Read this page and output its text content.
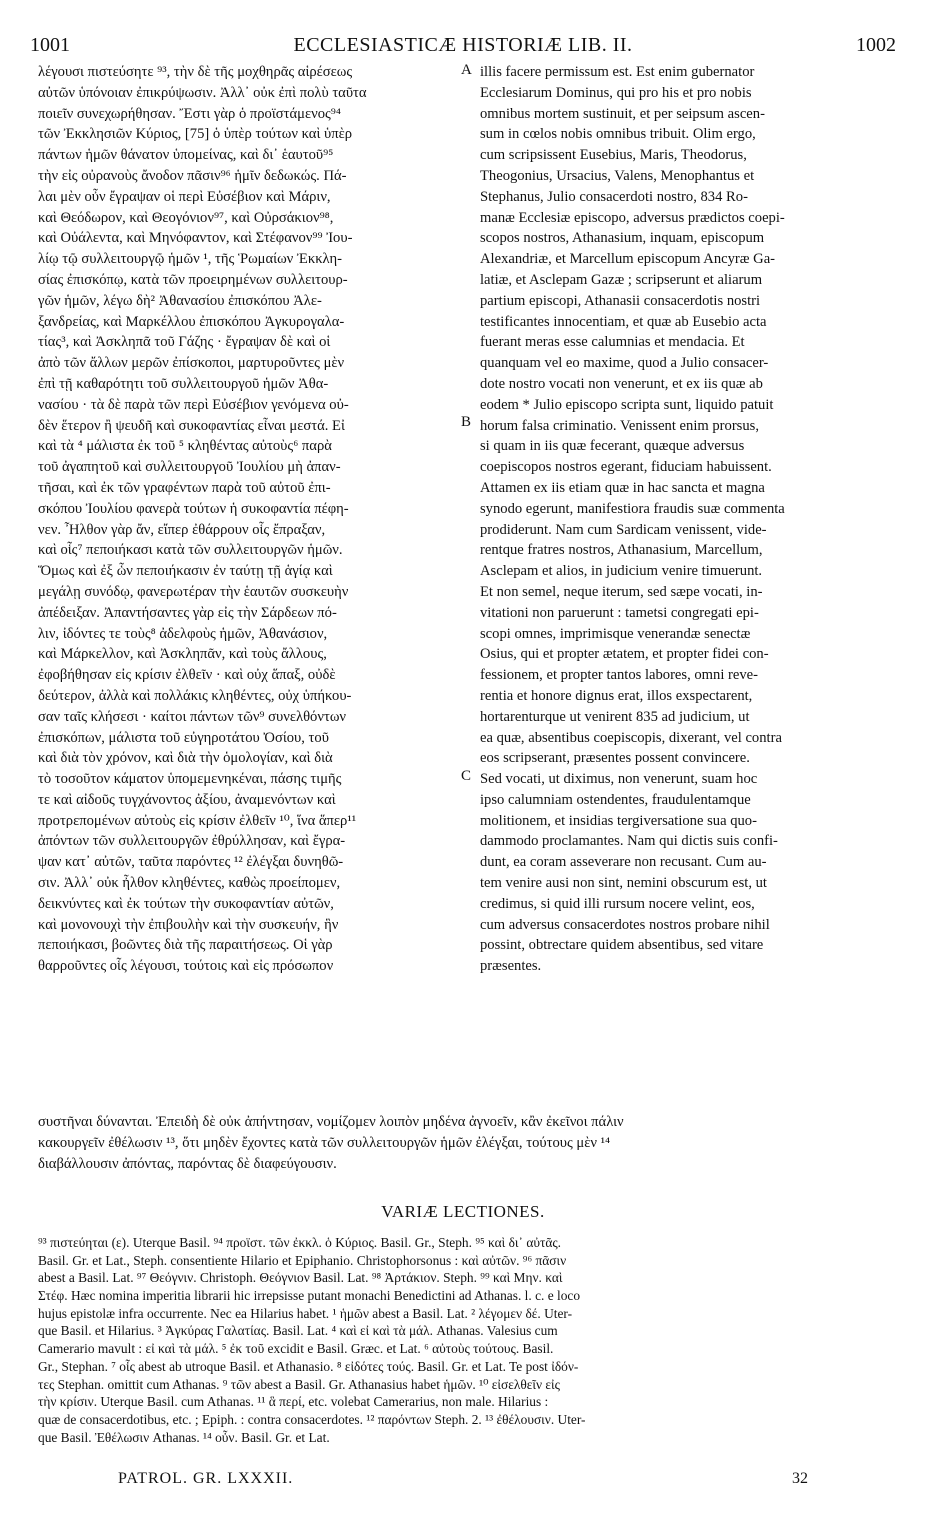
1001	ECCLESIASTICÆ HISTORIÆ LIB. II.	1002
λέγουσι πιστεύσητε ⁹³, τὴν δὲ τῆς μοχθηρᾶς αἱρέσεως
αὐτῶν ὑπόνοιαν ἐπικρύψωσιν. Ἀλλ᾽ οὐκ ἐπὶ πολὺ ταῦτα
ποιεῖν συνεχωρήθησαν. Ἔστι γὰρ ὁ προϊστάμενος⁹⁴
τῶν Ἐκκλησιῶν Κύριος, [75] ὁ ὑπὲρ τούτων καὶ ὑπὲρ
πάντων ἡμῶν θάνατον ὑπομείνας, καὶ δι᾽ ἑαυτοῦ⁹⁵
τὴν εἰς οὐρανοὺς ἄνοδον πᾶσιν⁹⁶ ἡμῖν δεδωκώς. Πά-
λαι μὲν οὖν ἔγραψαν οἱ περὶ Εὐσέβιον καὶ Μάριν,
καὶ Θεόδωρον, καὶ Θεογόνιον⁹⁷, καὶ Οὐρσάκιον⁹⁸,
καὶ Οὐάλεντα, καὶ Μηνόφαντον, καὶ Στέφανον⁹⁹ Ἰου-
λίῳ τῷ συλλειτουργῷ ἡμῶν ¹, τῆς Ῥωμαίων Ἐκκλη-
σίας ἐπισκόπῳ, κατὰ τῶν προειρημένων συλλειτουρ-
γῶν ἡμῶν, λέγω δὴ² Ἀθανασίου ἐπισκόπου Ἀλε-
ξανδρείας, καὶ Μαρκέλλου ἐπισκόπου Ἀγκυρογαλα-
τίας³, καὶ Ἀσκληπᾶ τοῦ Γάζης · ἔγραψαν δὲ καὶ οἱ
ἀπὸ τῶν ἄλλων μερῶν ἐπίσκοποι, μαρτυροῦντες μὲν
ἐπὶ τῇ καθαρότητι τοῦ συλλειτουργοῦ ἡμῶν Ἀθα-
νασίου · τὰ δὲ παρὰ τῶν περὶ Εὐσέβιον γενόμενα οὐ-
δὲν ἕτερον ἢ ψευδῆ καὶ συκοφαντίας εἶναι μεστά. Εἰ
καὶ τὰ ⁴ μάλιστα ἐκ τοῦ ⁵ κληθέντας αὐτοὺς⁶ παρὰ
τοῦ ἀγαπητοῦ καὶ συλλειτουργοῦ Ἰουλίου μὴ ἀπαν-
τῆσαι, καὶ ἐκ τῶν γραφέντων παρὰ τοῦ αὐτοῦ ἐπι-
σκόπου Ἰουλίου φανερὰ τούτων ἡ συκοφαντία πέφη-
νεν. Ἦλθον γὰρ ἄν, εἴπερ ἐθάρρουν οἷς ἔπραξαν,
καὶ οἷς⁷ πεποιήκασι κατὰ τῶν συλλειτουργῶν ἡμῶν.
Ὅμως καὶ ἐξ ὧν πεποιήκασιν ἐν ταύτῃ τῇ ἁγίᾳ καὶ
μεγάλῃ συνόδῳ, φανερωτέραν τὴν ἑαυτῶν συσκευὴν
ἀπέδειξαν. Ἀπαντήσαντες γὰρ εἰς τὴν Σάρδεων πό-
λιν, ἰδόντες τε τοὺς⁸ ἀδελφοὺς ἡμῶν, Ἀθανάσιον,
καὶ Μάρκελλον, καὶ Ἀσκληπᾶν, καὶ τοὺς ἄλλους,
ἐφοβήθησαν εἰς κρίσιν ἐλθεῖν · καὶ οὐχ ἅπαξ, οὐδὲ
δεύτερον, ἀλλὰ καὶ πολλάκις κληθέντες, οὐχ ὑπήκου-
σαν ταῖς κλήσεσι · καίτοι πάντων τῶν⁹ συνελθόντων
ἐπισκόπων, μάλιστα τοῦ εὐγηροτάτου Ὀσίου, τοῦ
καὶ διὰ τὸν χρόνον, καὶ διὰ τὴν ὁμολογίαν, καὶ διὰ
τὸ τοσοῦτον κάματον ὑπομεμενηκέναι, πάσης τιμῆς
τε καὶ αἰδοῦς τυγχάνοντος ἀξίου, ἀναμενόντων καὶ
προτρεπομένων αὐτοὺς εἰς κρίσιν ἐλθεῖν ¹⁰, ἵνα ἅπερ¹¹
ἀπόντων τῶν συλλειτουργῶν ἐθρύλλησαν, καὶ ἔγρα-
ψαν κατ᾽ αὐτῶν, ταῦτα παρόντες ¹² ἐλέγξαι δυνηθῶ-
σιν. Ἀλλ᾽ οὐκ ἦλθον κληθέντες, καθὼς προείπομεν,
δεικνύντες καὶ ἐκ τούτων τὴν συκοφαντίαν αὐτῶν,
καὶ μονονουχὶ τὴν ἐπιβουλὴν καὶ τὴν συσκευήν, ἣν
πεποιήκασι, βοῶντες διὰ τῆς παραιτήσεως. Οἱ γὰρ
θαρροῦντες οἷς λέγουσι, τούτοις καὶ εἰς πρόσωπον
illis facere permissum est. Est enim gubernator
Ecclesiarum Dominus, qui pro his et pro nobis
omnibus mortem sustinuit, et per seipsum ascen-
sum in cœlos nobis omnibus tribuit. Olim ergo,
cum scripsissent Eusebius, Maris, Theodorus,
Theogonius, Ursacius, Valens, Menophantus et
Stephanus, Julio consacerdoti nostro, 834 Ro-
manæ Ecclesiæ episcopo, adversus prædictos coepi-
scopos nostros, Athanasium, inquam, episcopum
Alexandriæ, et Marcellum episcopum Ancyræ Ga-
latiæ, et Asclepam Gazæ ; scripserunt et aliarum
partium episcopi, Athanasii consacerdotis nostri
testificantes innocentiam, et quæ ab Eusebio acta
fuerant meras esse calumnias et mendacia. Et
quanquam vel eo maxime, quod a Julio consacer-
dote nostro vocati non venerunt, et ex iis quæ ab
eodem * Julio episcopo scripta sunt, liquido patuit
horum falsa criminatio. Venissent enim prorsus,
si quam in iis quæ fecerant, quæque adversus
coepiscopos nostros egerant, fiduciam habuissent.
Attamen ex iis etiam quæ in hac sancta et magna
synodo egerunt, manifestiora fraudis suæ commenta
prodiderunt. Nam cum Sardicam venissent, vide-
rentque fratres nostros, Athanasium, Marcellum,
Asclepam et alios, in judicium venire timuerunt.
Et non semel, neque iterum, sed sæpe vocati, in-
vitationi non paruerunt : tametsi congregati epi-
scopi omnes, imprimisque venerandæ senectæ
Osius, qui et propter ætatem, et propter fidei con-
fessionem, et propter tantos labores, omni reve-
rentia et honore dignus erat, illos exspectarent,
hortarenturque ut venirent 835 ad judicium, ut
ea quæ, absentibus coepiscopis, dixerant, vel contra
eos scripserant, præsentes possent convincere.
Sed vocati, ut diximus, non venerunt, suam hoc
ipso calumniam ostendentes, fraudulentamque
molitionem, et insidias tergiversatione sua quo-
dammodo proclamantes. Nam qui dictis suis confi-
dunt, ea coram asseverare non recusant. Cum au-
tem venire ausi non sint, nemini obscurum est, ut
credimus, si quid illi rursum nocere velint, eos,
cum adversus consacerdotes nostros probare nihil
possint, obtrectare quidem absentibus, sed vitare
præsentes.
A
B
C
συστῆναι δύνανται. Ἐπειδὴ δὲ οὐκ ἀπήντησαν, νομίζομεν λοιπὸν μηδένα ἀγνοεῖν, κἂν ἐκεῖνοι πάλιν
κακουργεῖν ἐθέλωσιν ¹³, ὅτι μηδὲν ἔχοντες κατὰ τῶν συλλειτουργῶν ἡμῶν ἐλέγξαι, τούτους μὲν ¹⁴
διαβάλλουσιν ἀπόντας, παρόντας δὲ διαφεύγουσιν.
VARIÆ LECTIONES.
⁹³ πιστεύηται (ε). Uterque Basil. ⁹⁴ προϊστ. τῶν ἐκκλ. ὁ Κύριος. Basil. Gr., Steph. ⁹⁵ καὶ δι᾽ αὐτᾶς.
Basil. Gr. et Lat., Steph. consentiente Hilario et Epiphanio. Christophorsonus : καὶ αὐτῶν. ⁹⁶ πᾶσιν
abest a Basil. Lat. ⁹⁷ Θεόγνιν. Christoph. Θεόγνιον Basil. Lat. ⁹⁸ Ἀρτάκιον. Steph. ⁹⁹ καὶ Μην. καὶ
Στέφ. Hæc nomina imperitia librarii hic irrepsisse putant monachi Benedictini ad Athanas. l. c. e loco
hujus epistolæ infra occurrente. Nec ea Hilarius habet. ¹ ἡμῶν abest a Basil. Lat. ² λέγομεν δέ. Uter-
que Basil. et Hilarius. ³ Ἀγκύρας Γαλατίας. Basil. Lat. ⁴ καὶ εἰ καὶ τὰ μάλ. Athanas. Valesius cum
Camerario mavult : εἰ καὶ τὰ μάλ. ⁵ ἐκ τοῦ excidit e Basil. Græc. et Lat. ⁶ αὐτοὺς τούτους. Basil.
Gr., Stephan. ⁷ οἷς abest ab utroque Basil. et Athanasio. ⁸ εἰδότες τούς. Basil. Gr. et Lat. Te post ἰδόν-
τες Stephan. omittit cum Athanas. ⁹ τῶν abest a Basil. Gr. Athanasius habet ἡμῶν. ¹⁰ εἰσελθεῖν εἰς
τὴν κρίσιν. Uterque Basil. cum Athanas. ¹¹ ἃ περί, etc. volebat Camerarius, non male. Hilarius :
quæ de consacerdotibus, etc. ; Epiph. : contra consacerdotes. ¹² παρόντων Steph. 2. ¹³ ἐθέλουσιν. Uter-
que Basil. Ἐθέλωσιν Athanas. ¹⁴ οὖν. Basil. Gr. et Lat.
PATROL. GR. LXXXII.	32
